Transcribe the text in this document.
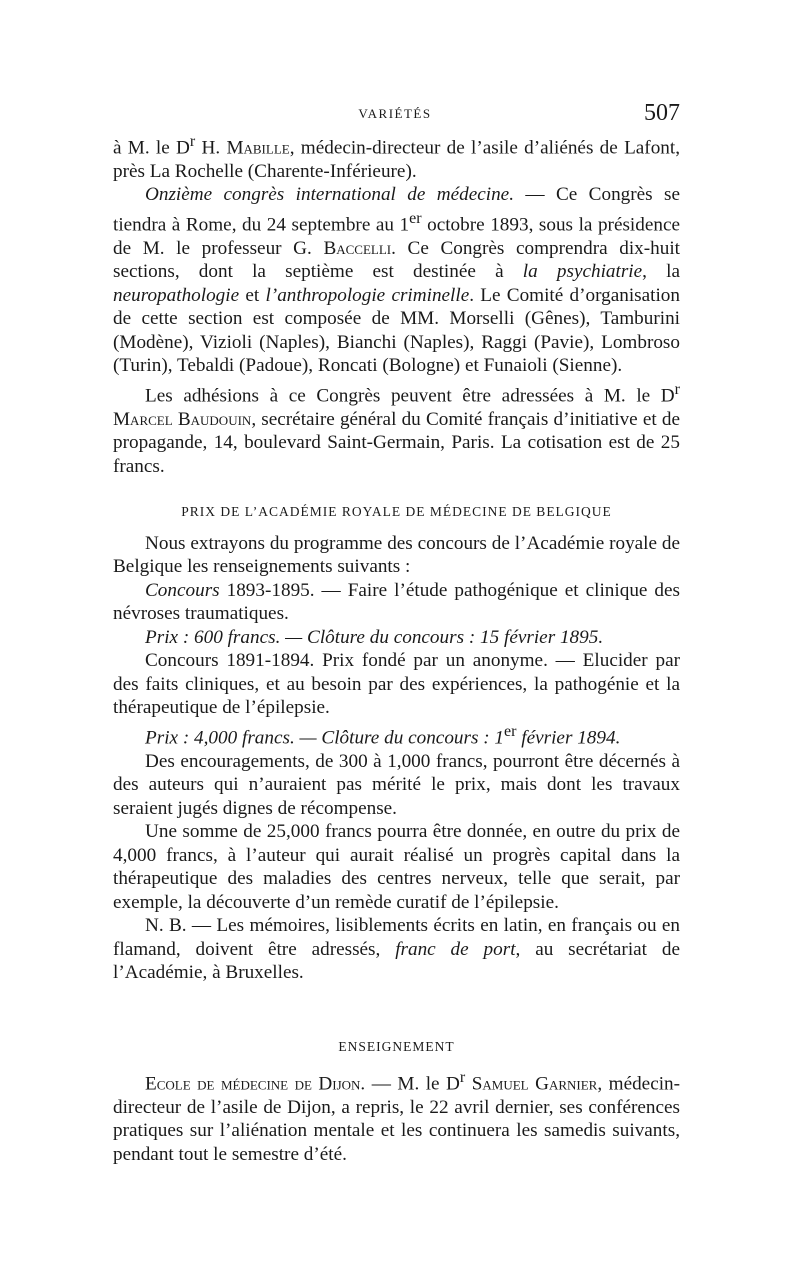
VARIÉTÉS	507

à M. le $D^r$ H. Mabille, médecin-directeur de l’asile d’aliénés de Lafont, près La Rochelle (Charente-Inférieure).

Onzième congrès international de médecine. — Ce Congrès se tiendra à Rome, du 24 septembre au 1er octobre 1893, sous la présidence de M. le professeur G. Baccelli. Ce Congrès comprendra dix-huit sections, dont la septième est destinée à la psychiatrie, la neuropathologie et l’anthropologie criminelle. Le Comité d’organisation de cette section est composée de MM. Morselli (Gênes), Tamburini (Modène), Vizioli (Naples), Bianchi (Naples), Raggi (Pavie), Lombroso (Turin), Tebaldi (Padoue), Roncati (Bologne) et Funaioli (Sienne).

Les adhésions à ce Congrès peuvent être adressées à M. le $D^r$ Marcel Baudouin, secrétaire général du Comité français d’initiative et de propagande, 14, boulevard Saint-Germain, Paris. La cotisation est de 25 francs.

PRIX DE L’ACADÉMIE ROYALE DE MÉDECINE DE BELGIQUE

Nous extrayons du programme des concours de l’Académie royale de Belgique les renseignements suivants :

Concours 1893-1895. — Faire l’étude pathogénique et clinique des névroses traumatiques.

Prix : 600 francs. — Clôture du concours : 15 février 1895.

Concours 1891-1894. Prix fondé par un anonyme. — Elucider par des faits cliniques, et au besoin par des expériences, la pathogénie et la thérapeutique de l’épilepsie.

Prix : 4,000 francs. — Clôture du concours : 1er février 1894.

Des encouragements, de 300 à 1,000 francs, pourront être décernés à des auteurs qui n’auraient pas mérité le prix, mais dont les travaux seraient jugés dignes de récompense.

Une somme de 25,000 francs pourra être donnée, en outre du prix de 4,000 francs, à l’auteur qui aurait réalisé un progrès capital dans la thérapeutique des maladies des centres nerveux, telle que serait, par exemple, la découverte d’un remède curatif de l’épilepsie.

N. B. — Les mémoires, lisiblements écrits en latin, en français ou en flamand, doivent être adressés, franc de port, au secrétariat de l’Académie, à Bruxelles.

ENSEIGNEMENT

Ecole de médecine de Dijon. — M. le $D^r$ Samuel Garnier, médecin-directeur de l’asile de Dijon, a repris, le 22 avril dernier, ses conférences pratiques sur l’aliénation mentale et les continuera les samedis suivants, pendant tout le semestre d’été.
